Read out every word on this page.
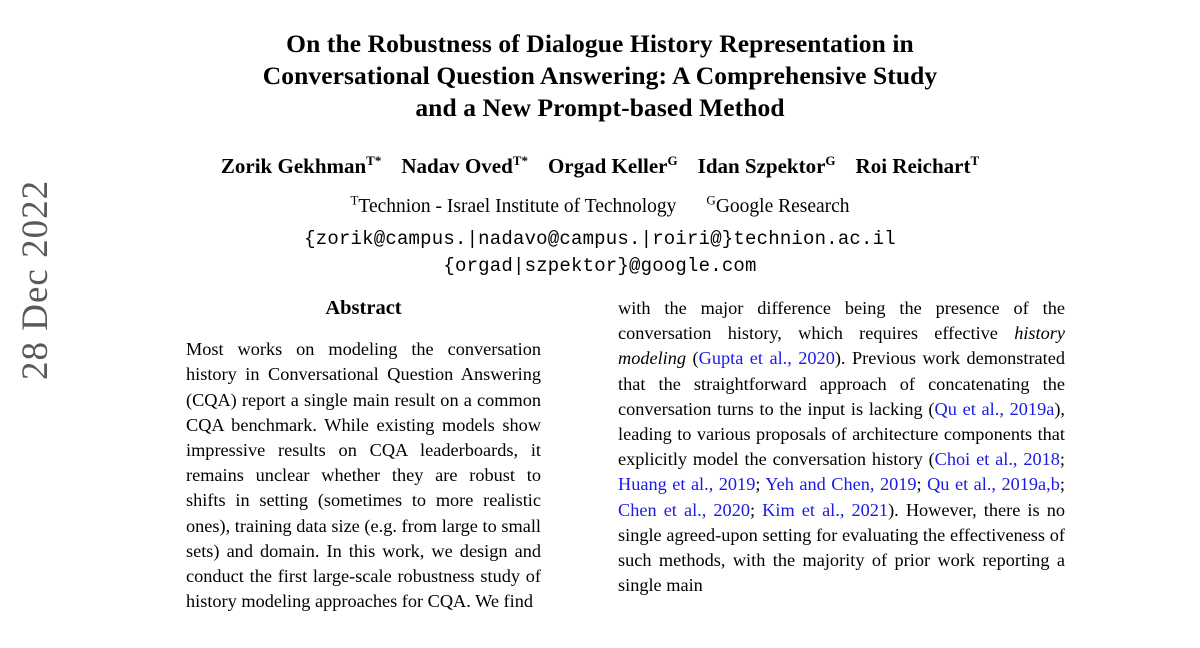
28 Dec 2022
On the Robustness of Dialogue History Representation in
Conversational Question Answering: A Comprehensive Study
and a New Prompt-based Method
Zorik Gekhman$^{T*}$ Nadav Oved$^{T*}$ Orgad Keller$^G$ Idan Szpektor$^G$ Roi Reichart$^T$
$^T$Technion - Israel Institute of Technology $^G$Google Research
{zorik@campus.|nadavo@campus.|roiri@}technion.ac.il
{orgad|szpektor}@google.com
Abstract

Most works on modeling the conversation history in Conversational Question Answering (CQA) report a single main result on a common CQA benchmark. While existing models show impressive results on CQA leaderboards, it remains unclear whether they are robust to shifts in setting (sometimes to more realistic ones), training data size (e.g. from large to small sets) and domain. In this work, we design and conduct the first large-scale robustness study of history modeling approaches for CQA. We find

with the major difference being the presence of the conversation history, which requires effective history modeling (Gupta et al., 2020). Previous work demonstrated that the straightforward approach of concatenating the conversation turns to the input is lacking (Qu et al., 2019a), leading to various proposals of architecture components that explicitly model the conversation history (Choi et al., 2018; Huang et al., 2019; Yeh and Chen, 2019; Qu et al., 2019a,b; Chen et al., 2020; Kim et al., 2021). However, there is no single agreed-upon setting for evaluating the effectiveness of such methods, with the majority of prior work reporting a single main
